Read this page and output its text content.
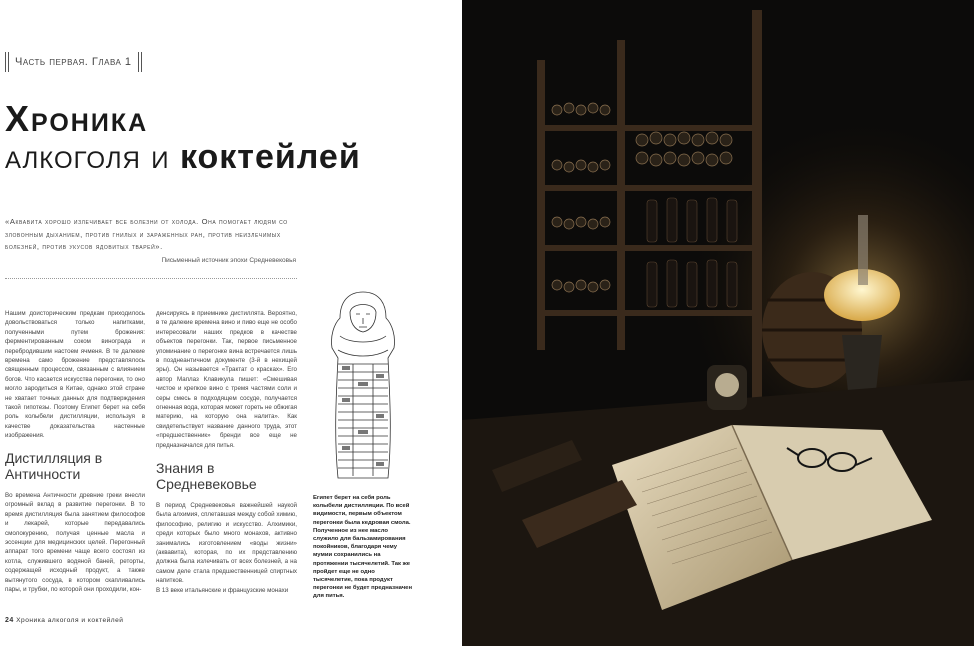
Часть первая. Глава 1
Хроника
алкоголя и коктейлей

«Аквавита хорошо излечивает все болезни от холода. Она помогает людям со зловонным дыханием, против гнилых и зараженных ран, против неизлечимых болезней, против укусов ядовитых тварей».

Письменный источник эпохи Средневековья

Нашим доисторическим предкам приходилось довольствоваться только напитками, полученными путем брожения: ферментированным соком винограда и перебродившим настоем ячменя. В те далекие времена само брожение представлялось священным процессом, связанным с влиянием богов. Что касается искусства перегонки, то оно могло зародиться в Китае, однако этой стране не хватает точных данных для подтверждения такой гипотезы. Поэтому Египет берет на себя роль колыбели дистилляции, используя в качестве доказательства настенные изображения.

Дистилляция в Античности

Во времена Античности древние греки внесли огромный вклад в развитие перегонки. В то время дистилляция была занятием философов и лекарей, которые передавались смолокурению, получая ценные масла и эссенции для медицинских целей. Перегонный аппарат того времени чаще всего состоял из котла, служившего водяной баней, реторты, содержащей исходный продукт, а также вытянутого сосуда, в котором скапливались пары, и трубки, по которой они проходили, кон-

денсируясь в приемнике дистиллята. Вероятно, в те далекие времена вино и пиво еще не особо интересовали наших предков в качестве объектов перегонки. Так, первое письменное упоминание о перегонке вина встречается лишь в позднеантичном документе (3-й в нехищей эры). Он называется «Трактат о красках». Его автор Маплаз Клавикула пишет: «Смешивая чистое и крепкое вино с тремя частями соли и серы смесь в подходящем сосуде, получается огненная вода, которая может гореть не обжигая материю, на которую она налита». Как свидетельствует название данного труда, этот «предшественник» бренди все еще не предназначался для питья.

Знания в Средневековье

В период Средневековья важнейшей наукой была алхимия, сплетавшая между собой химию, философию, религию и искусство. Алхимики, среди которых было много монахов, активно занимались изготовлением «воды жизни» (аквавита), которая, по их представлению должна была излечивать от всех болезней, а на самом деле стала предшественницей спиртных напитков.

В 13 веке итальянские и французские монахи

Египет берет на себя роль колыбели дистилляции. По всей видимости, первым объектом перегонки была кедровая смола. Полученное из нее масло служило для бальзамирования покойников, благодаря чему мумии сохранились на протяжении тысячелетий. Так же пройдет еще не одно тысячелетие, пока продукт перегонки не будет предназначен для питья.
24 Хроника алкоголя и коктейлей
